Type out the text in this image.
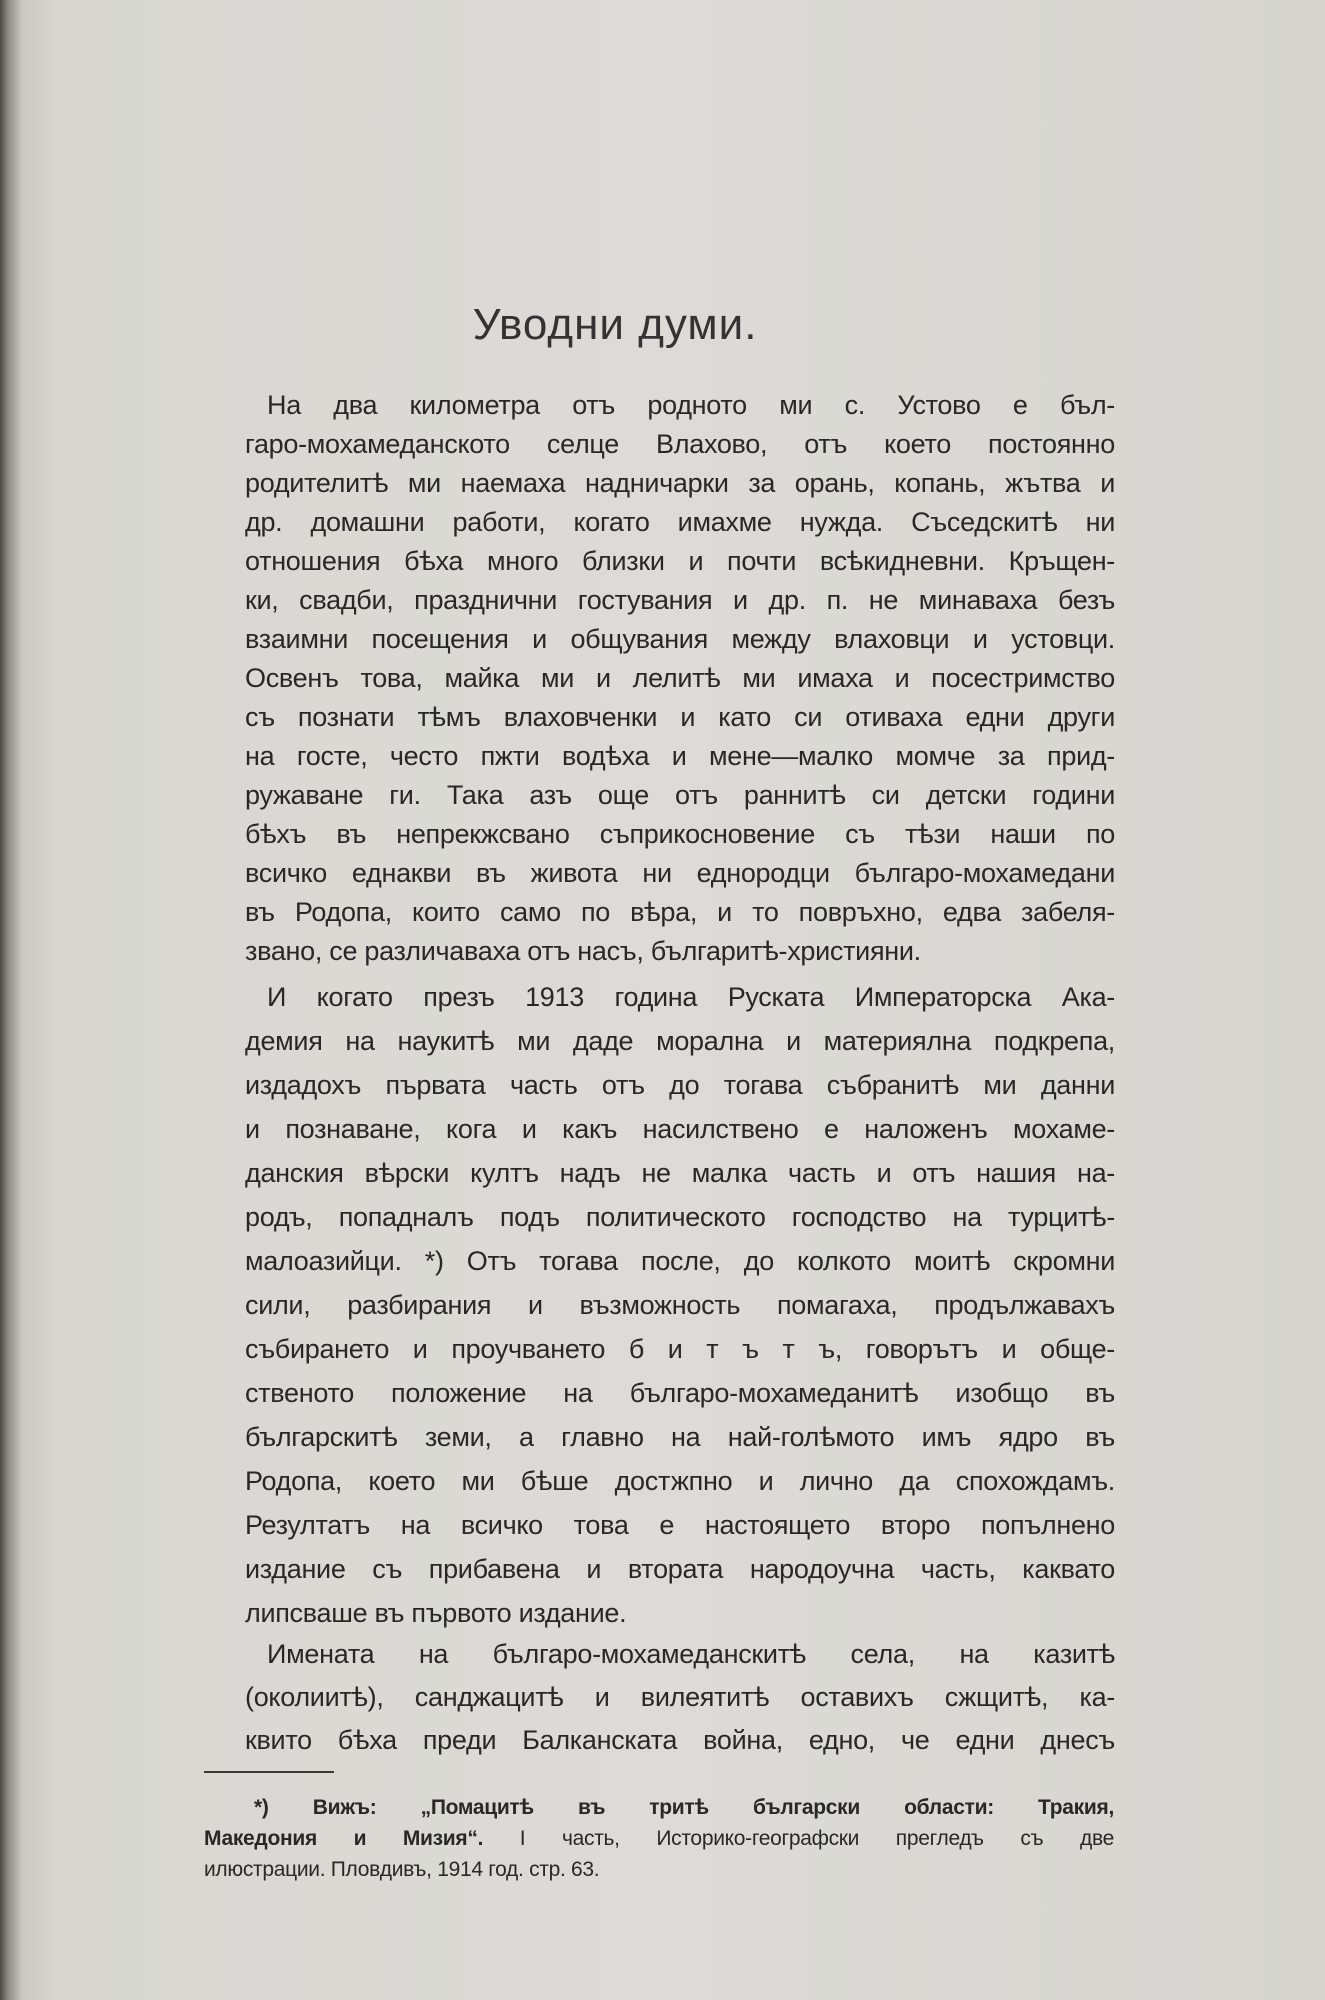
Уводни думи.
На два километра отъ родното ми с. Устово е бъл-
гаро-мохамеданското селце Влахово, отъ което постоянно
родителитѣ ми наемаха надничарки за орань, копань, жътва и
др. домашни работи, когато имахме нужда. Съседскитѣ ни
отношения бѣха много близки и почти всѣкидневни. Кръщен-
ки, свадби, празднични гостувания и др. п. не минаваха безъ
взаимни посещения и общувания между влаховци и устовци.
Освенъ това, майка ми и лелитѣ ми имаха и посестримство
съ познати тѣмъ влаховченки и като си отиваха едни други
на госте, често пжти водѣха и мене—малко момче за прид-
ружаване ги. Така азъ още отъ раннитѣ си детски години
бѣхъ въ непрекжсвано съприкосновение съ тѣзи наши по
всичко еднакви въ живота ни еднородци българо-мохамедани
въ Родопа, които само по вѣра, и то повръхно, едва забеля-
звано, се различаваха отъ насъ, българитѣ-християни.
И когато презъ 1913 година Руската Императорска Ака-
демия на наукитѣ ми даде морална и материялна подкрепа,
издадохъ първата часть отъ до тогава събранитѣ ми данни
и познаване, кога и какъ насилствено е наложенъ мохаме-
данския вѣрски култъ надъ не малка часть и отъ нашия на-
родъ, попадналъ подъ политическото господство на турцитѣ-
малоазийци. *) Отъ тогава после, до колкото моитѣ скромни
сили, разбирания и възможность помагаха, продължавахъ
събирането и проучването б и т ъ т ъ, говорътъ и обще-
ственото положение на българо-мохамеданитѣ изобщо въ
българскитѣ земи, а главно на най-голѣмото имъ ядро въ
Родопа, което ми бѣше достжпно и лично да спохождамъ.
Резултатъ на всичко това е настоящето второ попълнено
издание съ прибавена и втората народоучна часть, каквато
липсваше въ първото издание.
Имената на българо-мохамеданскитѣ села, на казитѣ
(околиитѣ), санджацитѣ и вилеятитѣ оставихъ сжщитѣ, ка-
квито бѣха преди Балканската война, едно, че едни днесъ
*) Вижъ: „Помацитѣ въ тритѣ български области: Тракия,
Македония и Мизия“. I часть, Историко-географски прегледъ съ две
илюстрации. Пловдивъ, 1914 год. стр. 63.
